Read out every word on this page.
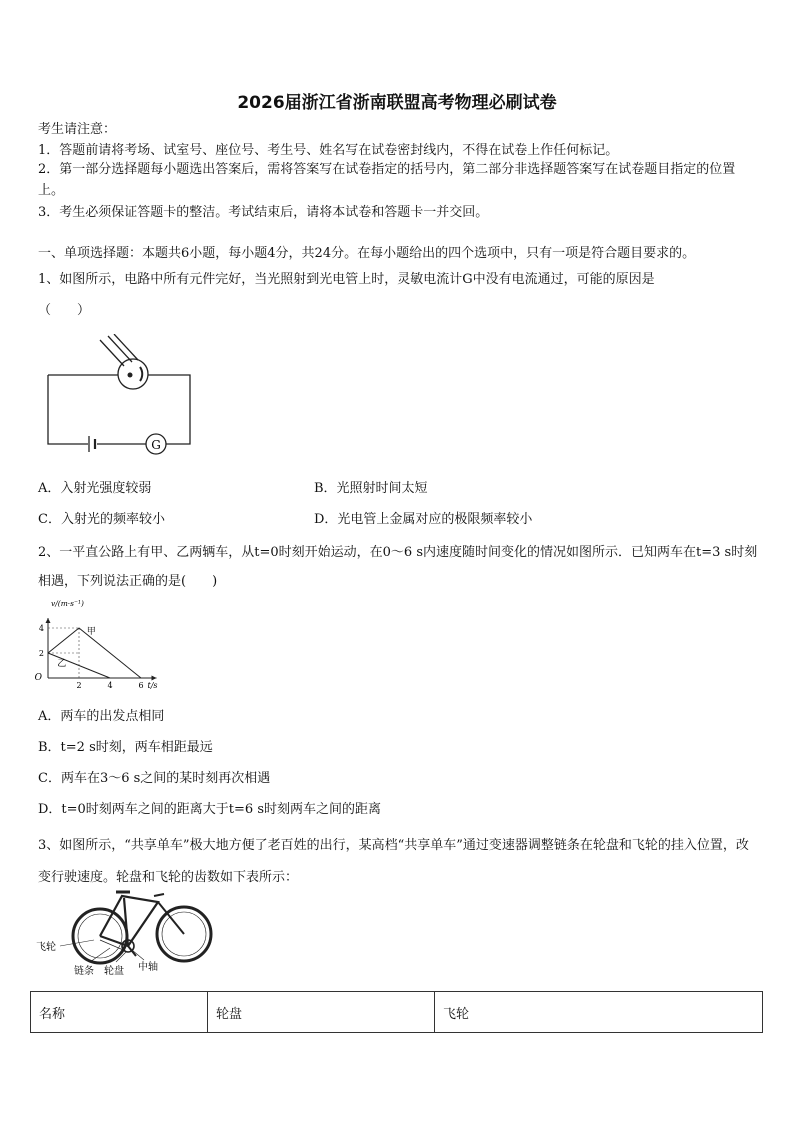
2026届浙江省浙南联盟高考物理必刷试卷
考生请注意：
1．答题前请将考场、试室号、座位号、考生号、姓名写在试卷密封线内，不得在试卷上作任何标记。
2．第一部分选择题每小题选出答案后，需将答案写在试卷指定的括号内，第二部分非选择题答案写在试卷题目指定的位置上。
3．考生必须保证答题卡的整洁。考试结束后，请将本试卷和答题卡一并交回。
一、单项选择题：本题共6小题，每小题4分，共24分。在每小题给出的四个选项中，只有一项是符合题目要求的。
1、如图所示，电路中所有元件完好，当光照射到光电管上时，灵敏电流计G中没有电流通过，可能的原因是
（　　）
G
A．入射光强度较弱	B．光照射时间太短
C．入射光的频率较小	D．光电管上金属对应的极限频率较小
2、一平直公路上有甲、乙两辆车，从t=0时刻开始运动，在0～6 s内速度随时间变化的情况如图所示．已知两车在t=3 s时刻相遇，下列说法正确的是(　　)
2	4	6
2
4	甲
乙
O
v/(m·s⁻¹)
t/s
A．两车的出发点相同
B．t=2 s时刻，两车相距最远
C．两车在3～6 s之间的某时刻再次相遇
D．t=0时刻两车之间的距离大于t=6 s时刻两车之间的距离
3、如图所示，“共享单车”极大地方便了老百姓的出行，某高档“共享单车”通过变速器调整链条在轮盘和飞轮的挂入位置，改变行驶速度。轮盘和飞轮的齿数如下表所示：
飞轮
链条 轮盘 中轴
名称	轮盘	飞轮
